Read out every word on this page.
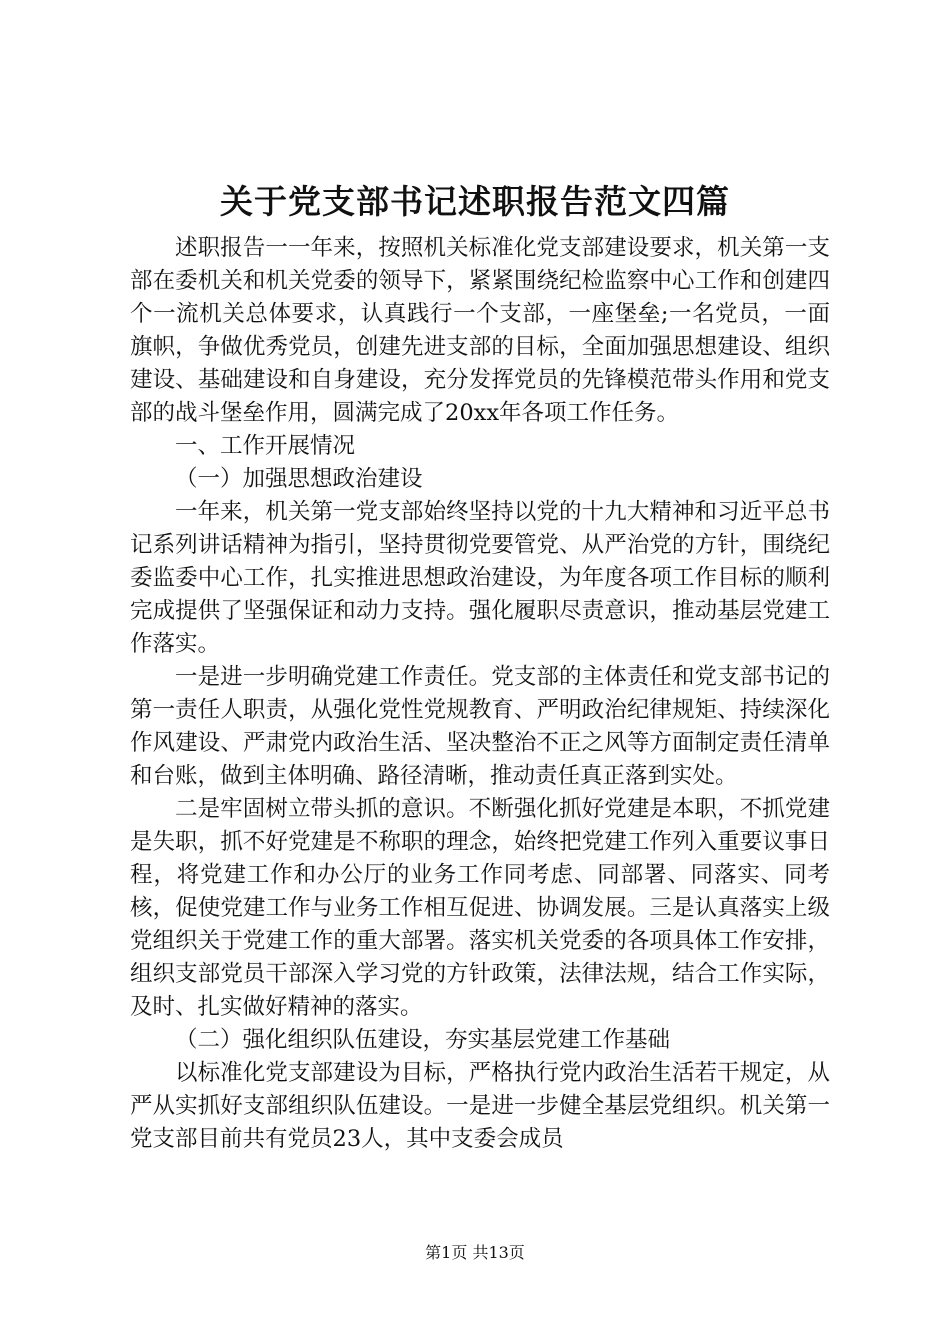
关于党支部书记述职报告范文四篇

述职报告一一年来，按照机关标准化党支部建设要求，机关第一支部在委机关和机关党委的领导下，紧紧围绕纪检监察中心工作和创建四个一流机关总体要求，认真践行一个支部，一座堡垒;一名党员，一面旗帜，争做优秀党员，创建先进支部的目标，全面加强思想建设、组织建设、基础建设和自身建设，充分发挥党员的先锋模范带头作用和党支部的战斗堡垒作用，圆满完成了20xx年各项工作任务。

一、工作开展情况

（一）加强思想政治建设

一年来，机关第一党支部始终坚持以党的十九大精神和习近平总书记系列讲话精神为指引，坚持贯彻党要管党、从严治党的方针，围绕纪委监委中心工作，扎实推进思想政治建设，为年度各项工作目标的顺利完成提供了坚强保证和动力支持。强化履职尽责意识，推动基层党建工作落实。

一是进一步明确党建工作责任。党支部的主体责任和党支部书记的第一责任人职责，从强化党性党规教育、严明政治纪律规矩、持续深化作风建设、严肃党内政治生活、坚决整治不正之风等方面制定责任清单和台账，做到主体明确、路径清晰，推动责任真正落到实处。

二是牢固树立带头抓的意识。不断强化抓好党建是本职，不抓党建是失职，抓不好党建是不称职的理念，始终把党建工作列入重要议事日程，将党建工作和办公厅的业务工作同考虑、同部署、同落实、同考核，促使党建工作与业务工作相互促进、协调发展。三是认真落实上级党组织关于党建工作的重大部署。落实机关党委的各项具体工作安排，组织支部党员干部深入学习党的方针政策，法律法规，结合工作实际，及时、扎实做好精神的落实。

（二）强化组织队伍建设，夯实基层党建工作基础

以标准化党支部建设为目标，严格执行党内政治生活若干规定，从严从实抓好支部组织队伍建设。一是进一步健全基层党组织。机关第一党支部目前共有党员23人，其中支委会成员

第1页 共13页
